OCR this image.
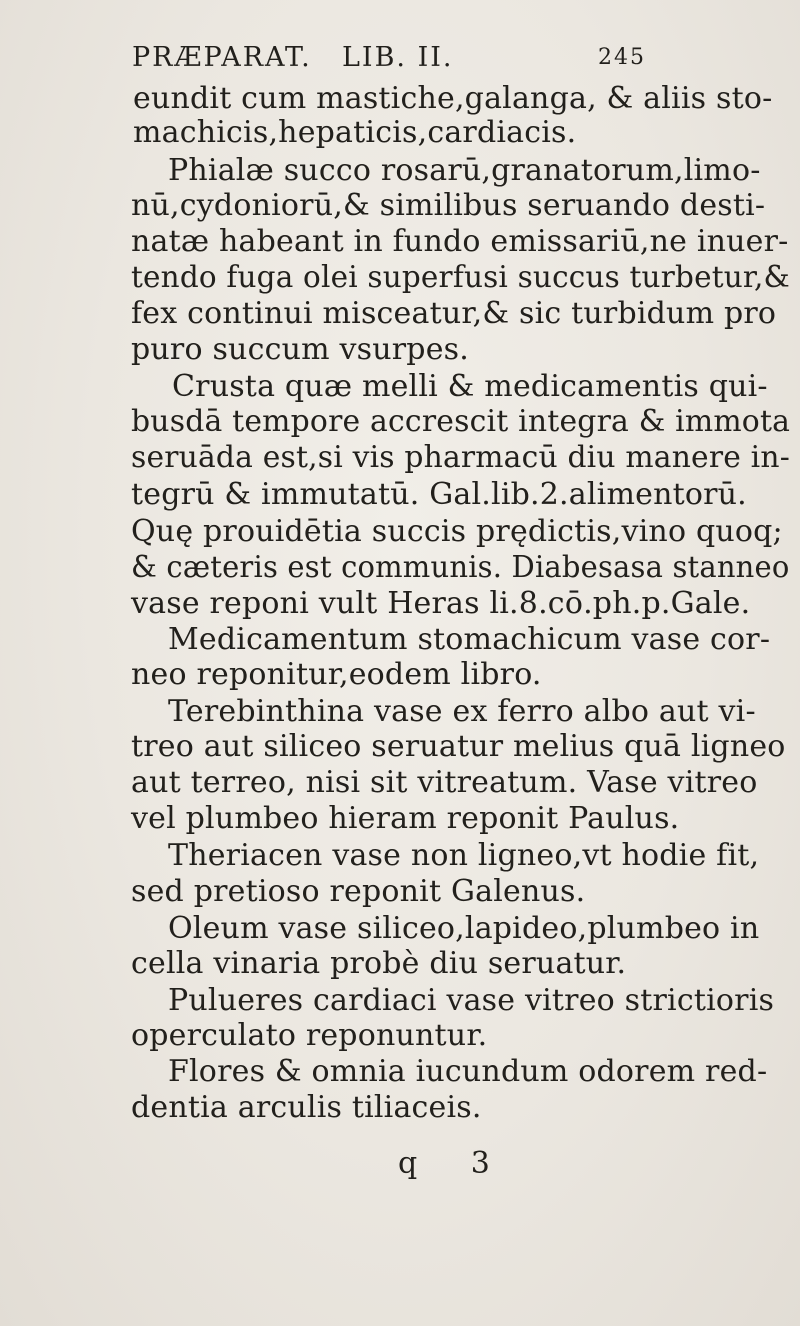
PRÆPARAT. LIB. II.	245
eundit cum mastiche,galanga, & aliis sto-
machicis,hepaticis,cardiacis.
Phialæ succo rosarū,granatorum,limo-
nū,cydoniorū,& similibus seruando desti-
natæ habeant in fundo emissariū,ne inuer-
tendo fuga olei superfusi succus turbetur,&
fex continui misceatur,& sic turbidum pro
puro succum vsurpes.
Crusta quæ melli & medicamentis qui-
busdā tempore accrescit integra & immota
seruāda est,si vis pharmacū diu manere in-
tegrū & immutatū. Gal.lib.2.alimentorū.
Quę prouidētia succis prędictis,vino quoq;
& cæteris est communis. Diabesasa stanneo
vase reponi vult Heras li.8.cō.ph.p.Gale.
Medicamentum stomachicum vase cor-
neo reponitur,eodem libro.
Terebinthina vase ex ferro albo aut vi-
treo aut siliceo seruatur melius quā ligneo
aut terreo, nisi sit vitreatum. Vase vitreo
vel plumbeo hieram reponit Paulus.
Theriacen vase non ligneo,vt hodie fit,
sed pretioso reponit Galenus.
Oleum vase siliceo,lapideo,plumbeo in
cella vinaria probè diu seruatur.
Pulueres cardiaci vase vitreo strictioris
operculato reponuntur.
Flores & omnia iucundum odorem red-
dentia arculis tiliaceis.
q 3
